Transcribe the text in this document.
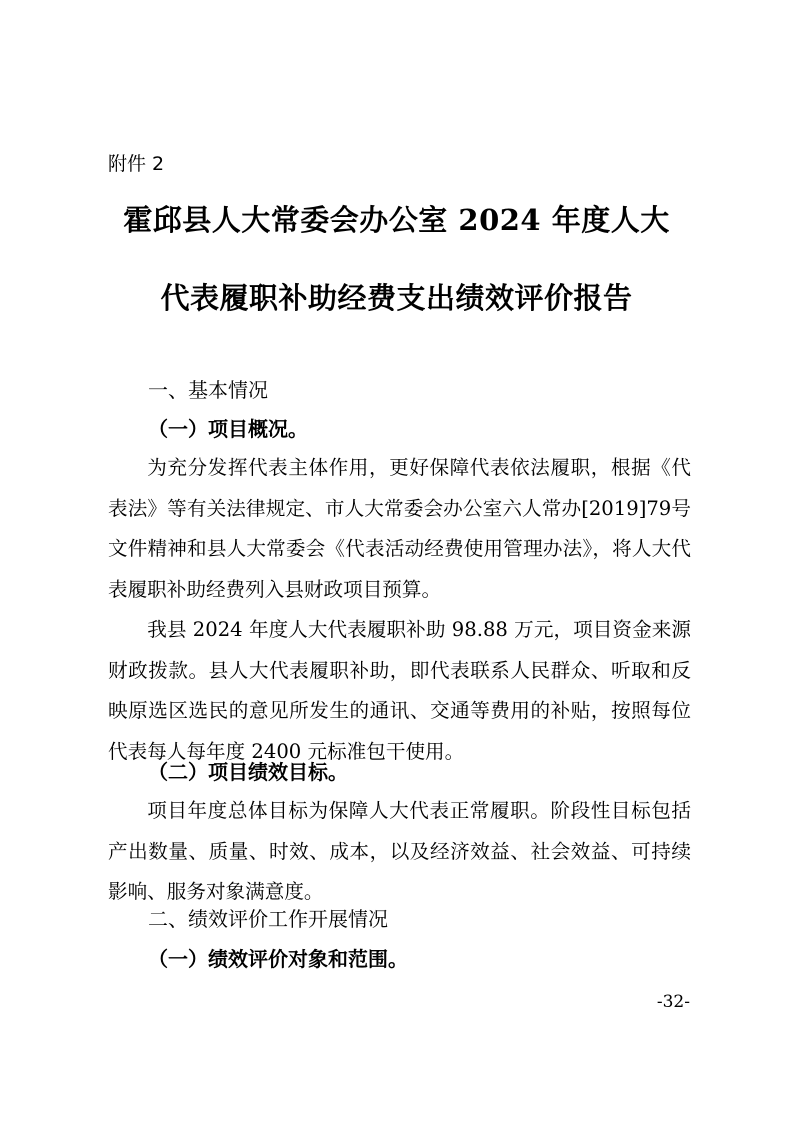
附件 2
霍邱县人大常委会办公室 2024 年度人大
代表履职补助经费支出绩效评价报告
一、基本情况
（一）项目概况。
为充分发挥代表主体作用，更好保障代表依法履职，根据《代表法》等有关法律规定、市人大常委会办公室六人常办[2019]79号文件精神和县人大常委会《代表活动经费使用管理办法》，将人大代表履职补助经费列入县财政项目预算。
我县 2024 年度人大代表履职补助 98.88 万元，项目资金来源财政拨款。县人大代表履职补助，即代表联系人民群众、听取和反映原选区选民的意见所发生的通讯、交通等费用的补贴，按照每位代表每人每年度 2400 元标准包干使用。
（二）项目绩效目标。
项目年度总体目标为保障人大代表正常履职。阶段性目标包括产出数量、质量、时效、成本，以及经济效益、社会效益、可持续影响、服务对象满意度。
二、绩效评价工作开展情况
（一）绩效评价对象和范围。
-32-
